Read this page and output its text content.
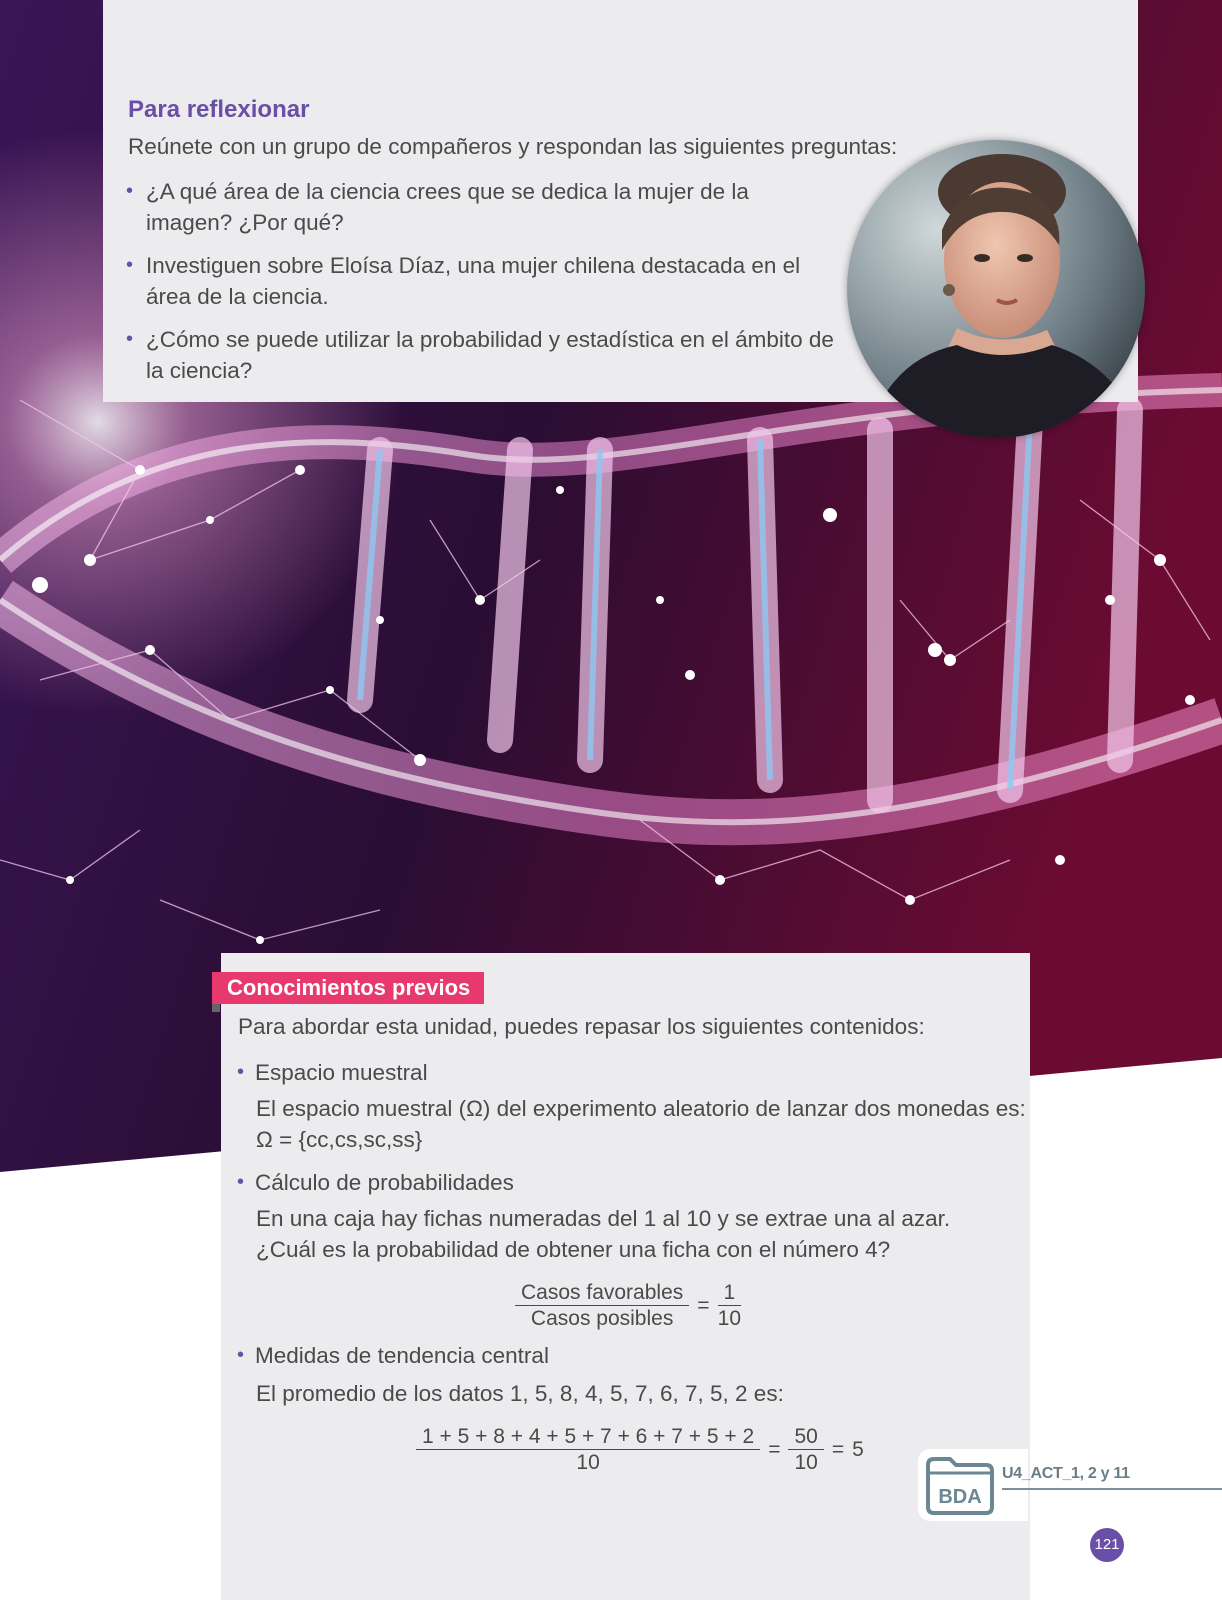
Para reflexionar

Reúnete con un grupo de compañeros y respondan las siguientes preguntas:

• ¿A qué área de la ciencia crees que se dedica la mujer de la imagen? ¿Por qué?
• Investiguen sobre Eloísa Díaz, una mujer chilena destacada en el área de la ciencia.
• ¿Cómo se puede utilizar la probabilidad y estadística en el ámbito de la ciencia?
Conocimientos previos

Para abordar esta unidad, puedes repasar los siguientes contenidos:

• Espacio muestral

El espacio muestral (Ω) del experimento aleatorio de lanzar dos monedas es:

Ω = {cc,cs,sc,ss}

• Cálculo de probabilidades

En una caja hay fichas numeradas del 1 al 10 y se extrae una al azar.

¿Cuál es la probabilidad de obtener una ficha con el número 4?

$\frac{\text{Casos favorables}}{\text{Casos posibles}} = \frac{1}{10}$
• Medidas de tendencia central

El promedio de los datos 1, 5, 8, 4, 5, 7, 6, 7, 5, 2 es:

$\frac{1 + 5 + 8 + 4 + 5 + 7 + 6 + 7 + 5 + 2}{10} = \frac{50}{10} = 5$
BDA
U4_ACT_1, 2 y 11
121
